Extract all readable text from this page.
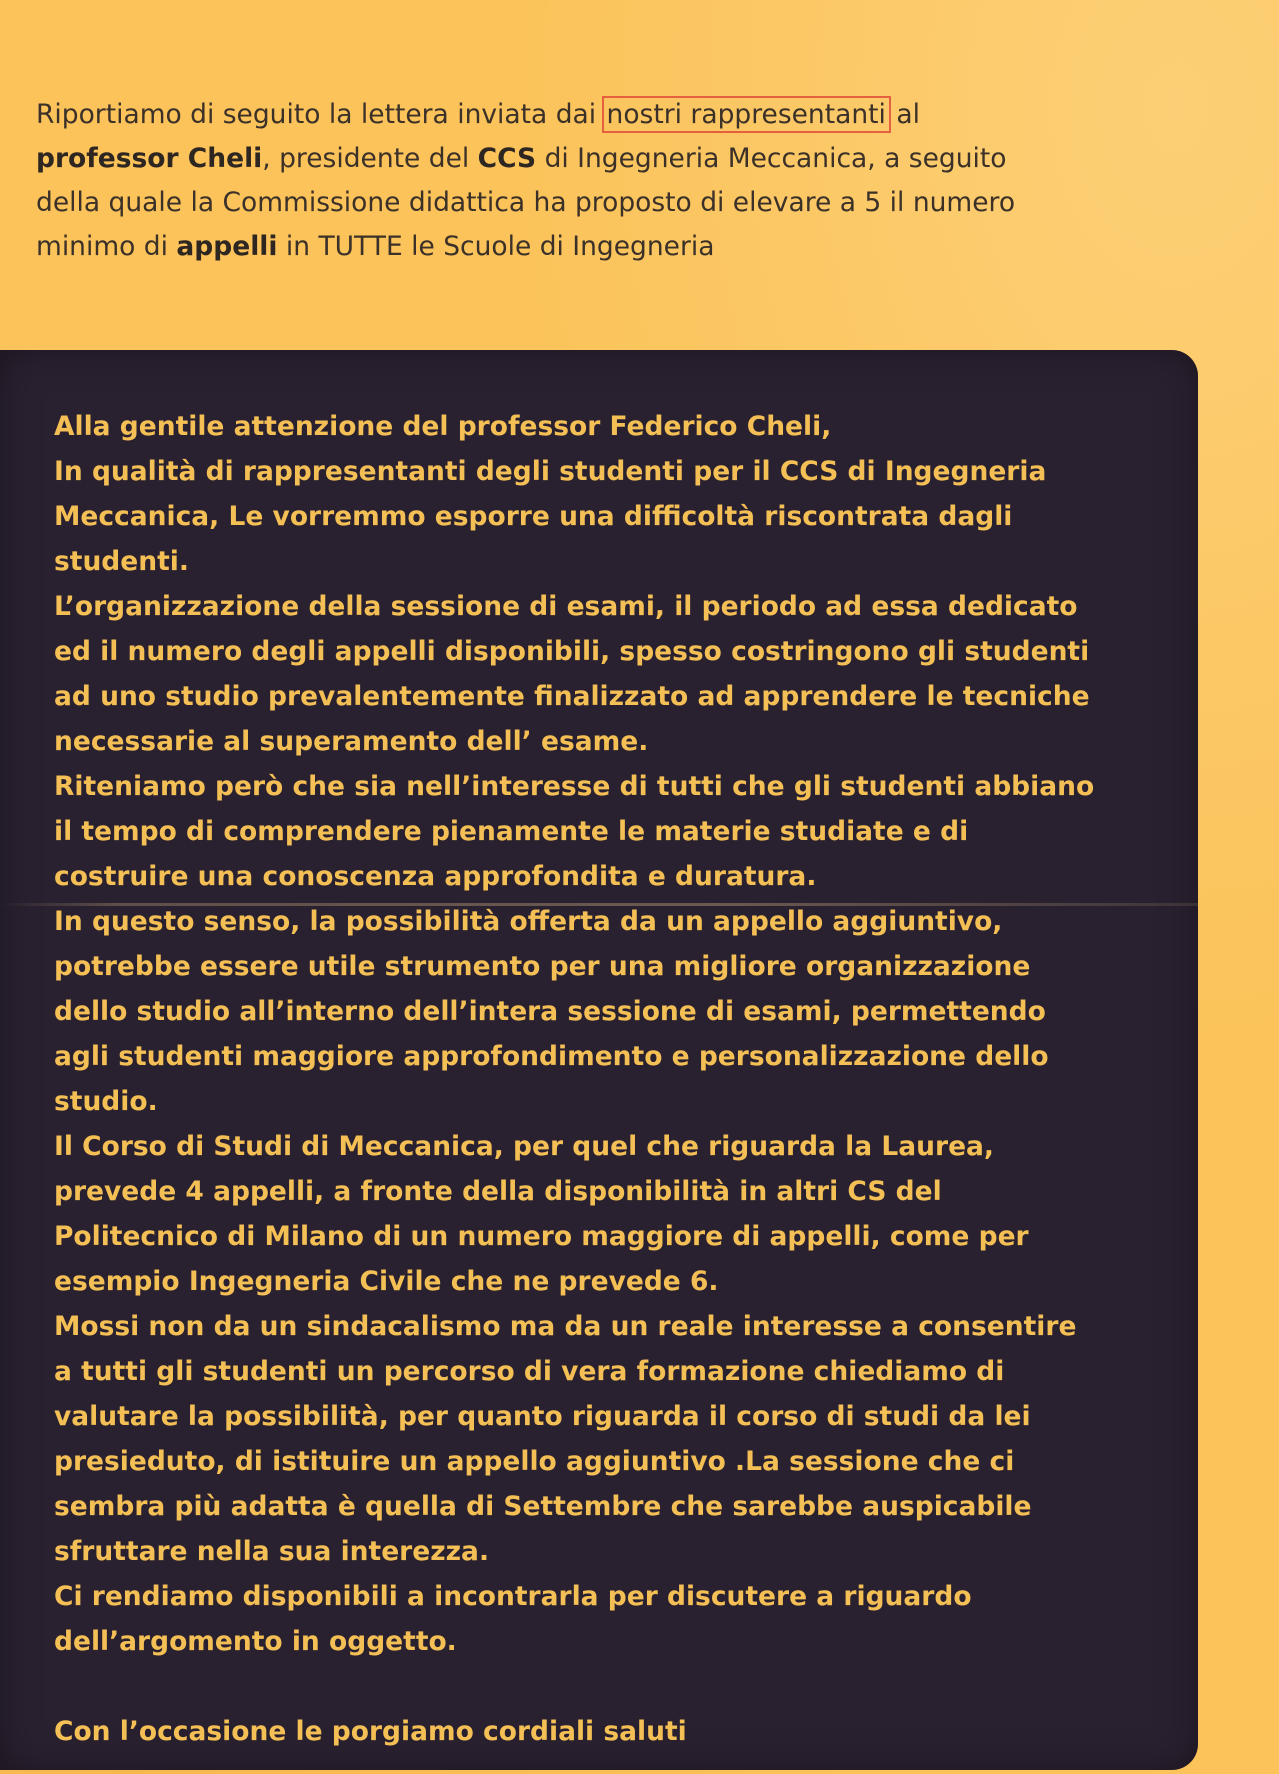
Riportiamo di seguito la lettera inviata dai nostri rappresentanti al
professor Cheli, presidente del CCS di Ingegneria Meccanica, a seguito
della quale la Commissione didattica ha proposto di elevare a 5 il numero
minimo di appelli in TUTTE le Scuole di Ingegneria
Alla gentile attenzione del professor Federico Cheli,
In qualità di rappresentanti degli studenti per il CCS di Ingegneria
Meccanica, Le vorremmo esporre una difficoltà riscontrata dagli
studenti.
L’organizzazione della sessione di esami, il periodo ad essa dedicato
ed il numero degli appelli disponibili, spesso costringono gli studenti
ad uno studio prevalentemente finalizzato ad apprendere le tecniche
necessarie al superamento dell’ esame.
Riteniamo però che sia nell’interesse di tutti che gli studenti abbiano
il tempo di comprendere pienamente le materie studiate e di
costruire una conoscenza approfondita e duratura.
In questo senso, la possibilità offerta da un appello aggiuntivo,
potrebbe essere utile strumento per una migliore organizzazione
dello studio all’interno dell’intera sessione di esami, permettendo
agli studenti maggiore approfondimento e personalizzazione dello
studio.
Il Corso di Studi di Meccanica, per quel che riguarda la Laurea,
prevede 4 appelli, a fronte della disponibilità in altri CS del
Politecnico di Milano di un numero maggiore di appelli, come per
esempio Ingegneria Civile che ne prevede 6.
Mossi non da un sindacalismo ma da un reale interesse a consentire
a tutti gli studenti un percorso di vera formazione chiediamo di
valutare la possibilità, per quanto riguarda il corso di studi da lei
presieduto, di istituire un appello aggiuntivo .La sessione che ci
sembra più adatta è quella di Settembre che sarebbe auspicabile
sfruttare nella sua interezza.
Ci rendiamo disponibili a incontrarla per discutere a riguardo
dell’argomento in oggetto.
Con l’occasione le porgiamo cordiali saluti
